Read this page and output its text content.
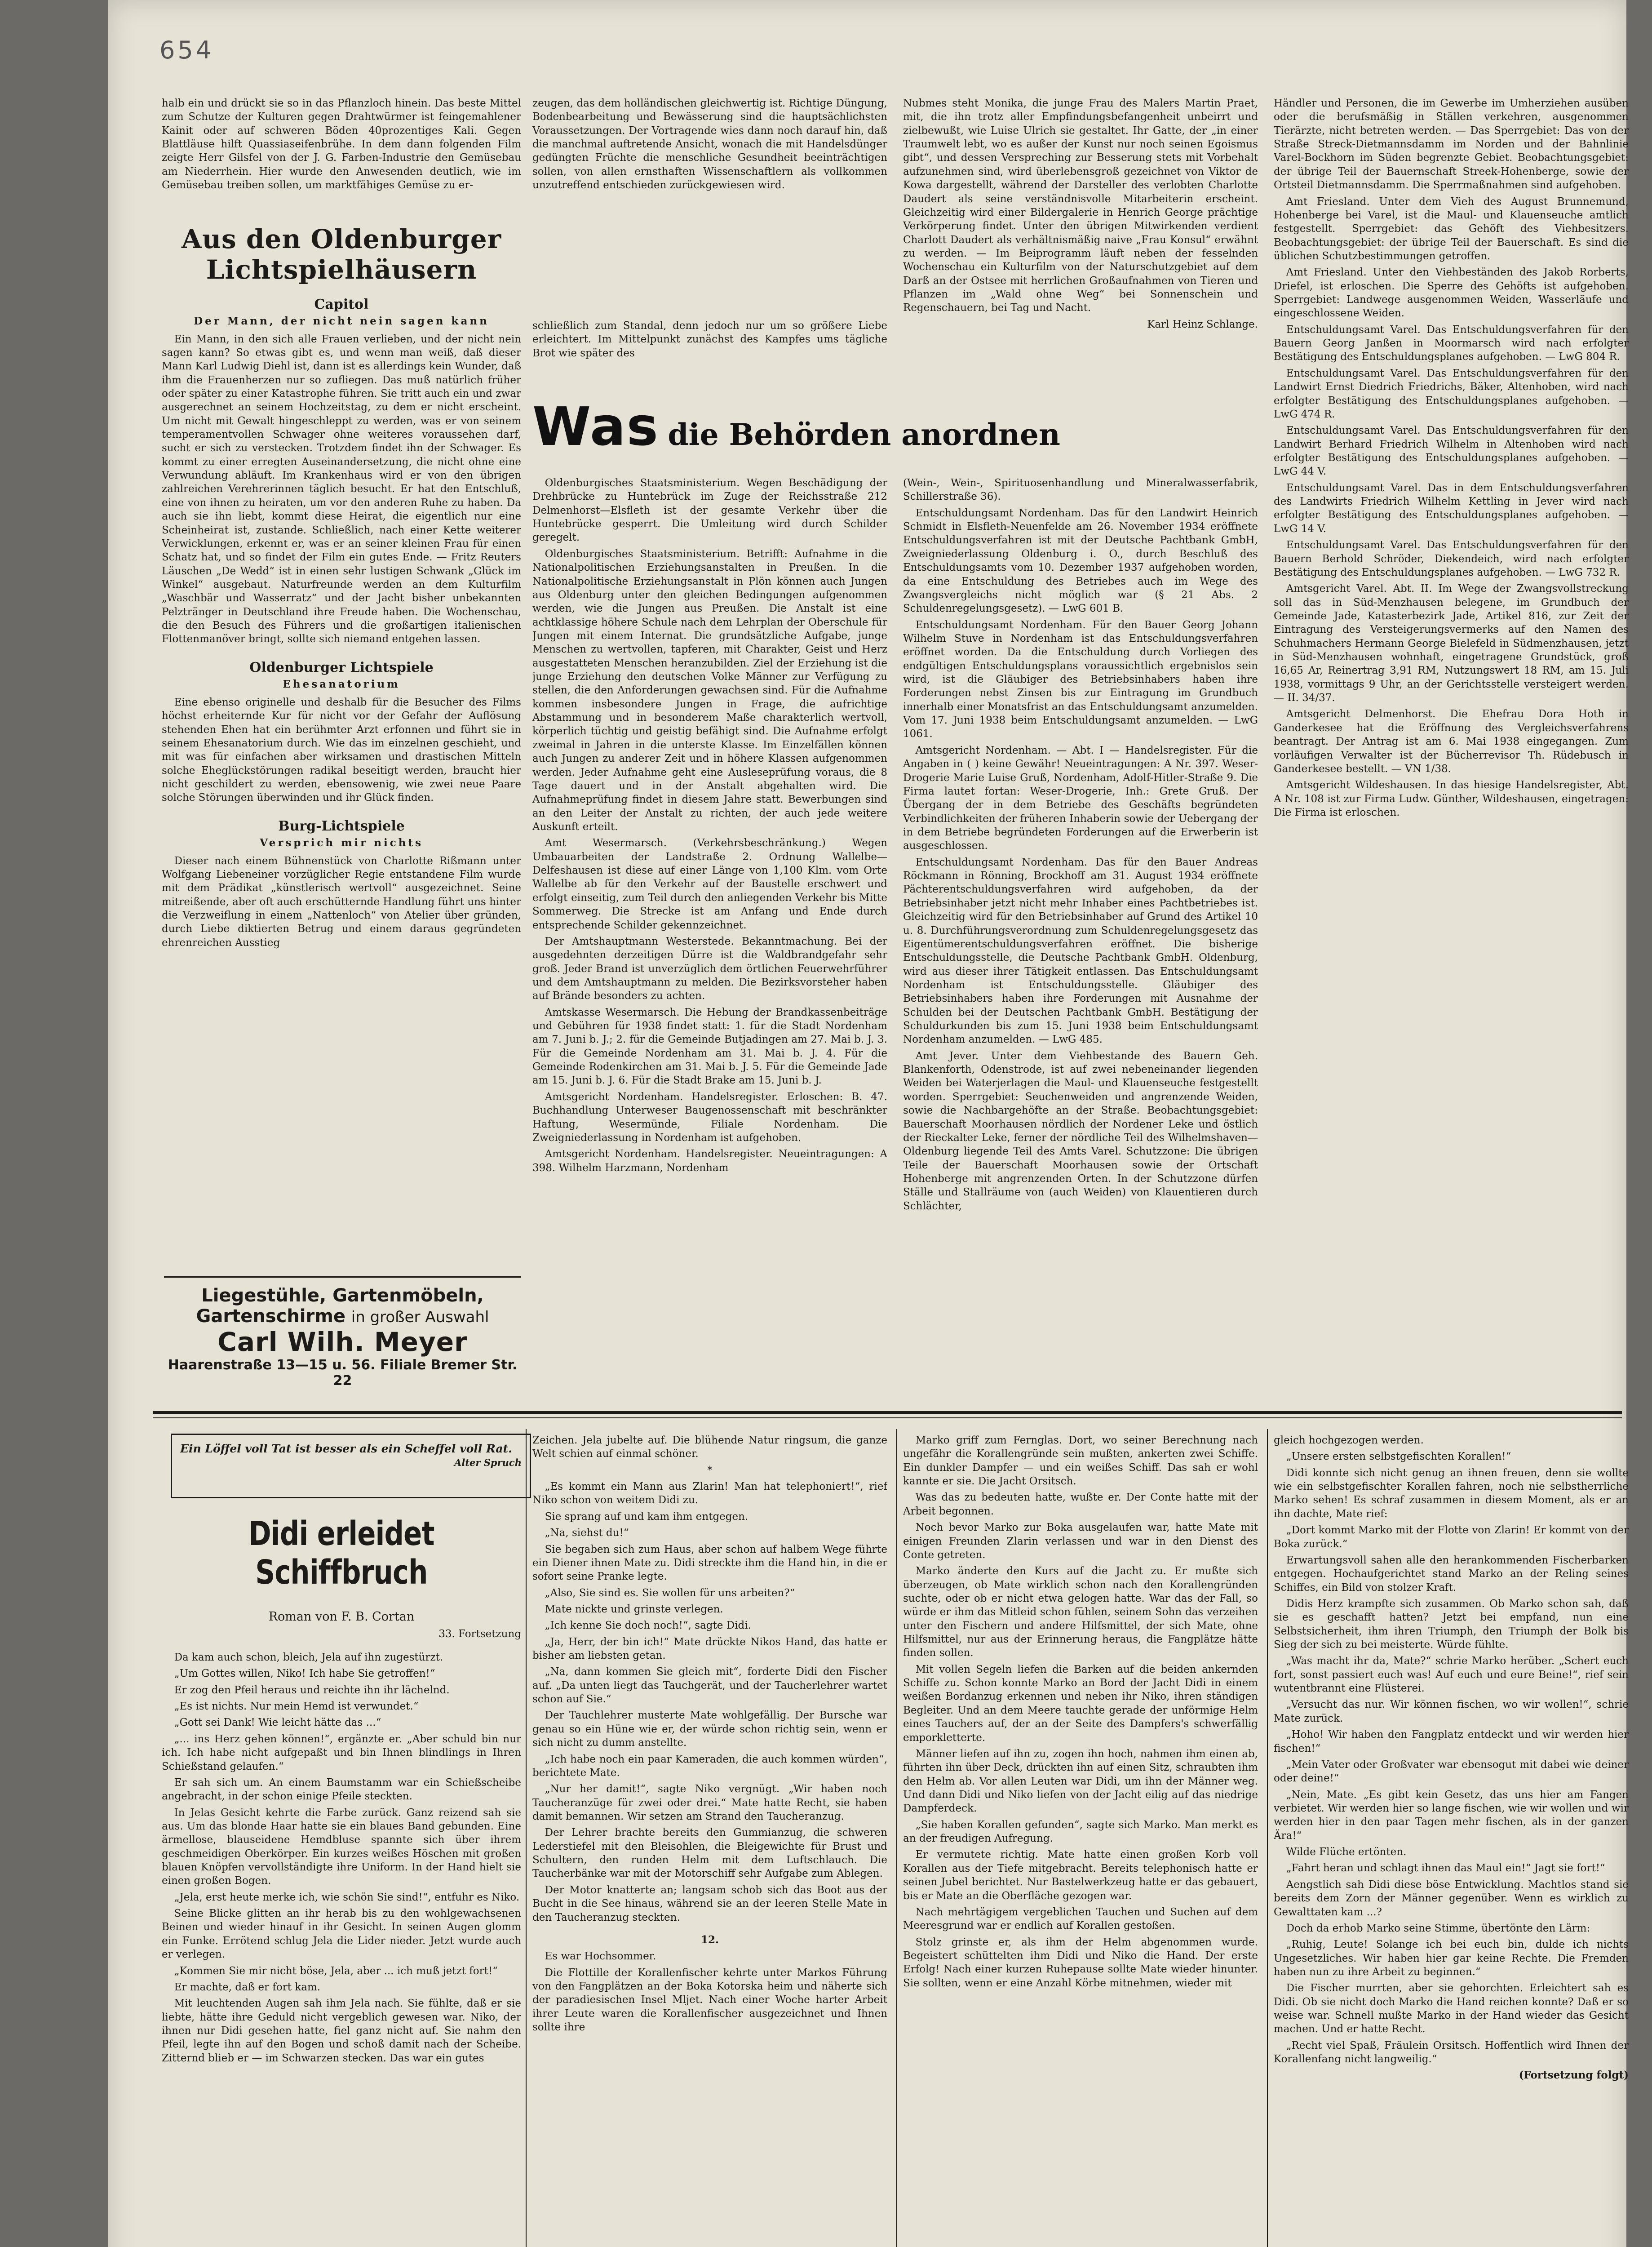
654

halb ein und drückt sie so in das Pflanzloch hinein. Das beste Mittel zum Schutze der Kulturen gegen Drahtwürmer ist feingemahlener Kainit oder auf schweren Böden 40prozentiges Kali. Gegen Blattläuse hilft Quassiaseifenbrühe. In dem dann folgenden Film zeigte Herr Gilsfel von der J. G. Farben-Industrie den Gemüsebau am Niederrhein. Hier wurde den Anwesenden deutlich, wie im Gemüsebau treiben sollen, um marktfähiges Gemüse zu er-

Aus den Oldenburger Lichtspielhäusern
Capitol
Der Mann, der nicht nein sagen kann

Ein Mann, in den sich alle Frauen verlieben, und der nicht nein sagen kann? So etwas gibt es, und wenn man weiß, daß dieser Mann Karl Ludwig Diehl ist, dann ist es allerdings kein Wunder, daß ihm die Frauenherzen nur so zufliegen. Das muß natürlich früher oder später zu einer Katastrophe führen. Sie tritt auch ein und zwar ausgerechnet an seinem Hochzeitstag, zu dem er nicht erscheint. Um nicht mit Gewalt hingeschleppt zu werden, was er von seinem temperamentvollen Schwager ohne weiteres voraussehen darf, sucht er sich zu verstecken. Trotzdem findet ihn der Schwager. Es kommt zu einer erregten Auseinandersetzung, die nicht ohne eine Verwundung abläuft. Im Krankenhaus wird er von den übrigen zahlreichen Verehrerinnen täglich besucht. Er hat den Entschluß, eine von ihnen zu heiraten, um vor den anderen Ruhe zu haben. Da auch sie ihn liebt, kommt diese Heirat, die eigentlich nur eine Scheinheirat ist, zustande. Schließlich, nach einer Kette weiterer Verwicklungen, erkennt er, was er an seiner kleinen Frau für einen Schatz hat, und so findet der Film ein gutes Ende. — Fritz Reuters Läuschen „De Wedd“ ist in einen sehr lustigen Schwank „Glück im Winkel“ ausgebaut. Naturfreunde werden an dem Kulturfilm „Waschbär und Wasserratz“ und der Jacht bisher unbekannten Pelztränger in Deutschland ihre Freude haben. Die Wochenschau, die den Besuch des Führers und die großartigen italienischen Flottenmanöver bringt, sollte sich niemand entgehen lassen.

Oldenburger Lichtspiele
Ehesanatorium

Eine ebenso originelle und deshalb für die Besucher des Films höchst erheiternde Kur für nicht vor der Gefahr der Auflösung stehenden Ehen hat ein berühmter Arzt erfonnen und führt sie in seinem Ehesanatorium durch. Wie das im einzelnen geschieht, und mit was für einfachen aber wirksamen und drastischen Mitteln solche Eheglückstörungen radikal beseitigt werden, braucht hier nicht geschildert zu werden, ebensowenig, wie zwei neue Paare solche Störungen überwinden und ihr Glück finden.

Burg-Lichtspiele
Versprich mir nichts

Dieser nach einem Bühnenstück von Charlotte Rißmann unter Wolfgang Liebeneiner vorzüglicher Regie entstandene Film wurde mit dem Prädikat „künstlerisch wertvoll“ ausgezeichnet. Seine mitreißende, aber oft auch erschütternde Handlung führt uns hinter die Verzweiflung in einem „Nattenloch“ von Atelier über gründen, durch Liebe diktierten Betrug und einem daraus gegründeten ehrenreichen Ausstieg

zeugen, das dem holländischen gleichwertig ist. Richtige Düngung, Bodenbearbeitung und Bewässerung sind die hauptsächlichsten Voraussetzungen. Der Vortragende wies dann noch darauf hin, daß die manchmal auftretende Ansicht, wonach die mit Handelsdünger gedüngten Früchte die menschliche Gesundheit beeinträchtigen sollen, von allen ernsthaften Wissenschaftlern als vollkommen unzutreffend entschieden zurückgewiesen wird.

schließlich zum Standal, denn jedoch nur um so größere Liebe erleichtert. Im Mittelpunkt zunächst des Kampfes ums tägliche Brot wie später des

Nubmes steht Monika, die junge Frau des Malers Martin Praet, mit, die ihn trotz aller Empfindungsbefangenheit unbeirrt und zielbewußt, wie Luise Ulrich sie gestaltet. Ihr Gatte, der „in einer Traumwelt lebt, wo es außer der Kunst nur noch seinen Egoismus gibt“, und dessen Verspreching zur Besserung stets mit Vorbehalt aufzunehmen sind, wird überlebensgroß gezeichnet von Viktor de Kowa dargestellt, während der Darsteller des verlobten Charlotte Daudert als seine verständnisvolle Mitarbeiterin erscheint. Gleichzeitig wird einer Bildergalerie in Henrich George prächtige Verkörperung findet. Unter den übrigen Mitwirkenden verdient Charlott Daudert als verhältnismäßig naive „Frau Konsul“ erwähnt zu werden. — Im Beiprogramm läuft neben der fesselnden Wochenschau ein Kulturfilm von der Naturschutzgebiet auf dem Darß an der Ostsee mit herrlichen Großaufnahmen von Tieren und Pflanzen im „Wald ohne Weg“ bei Sonnenschein und Regenschauern, bei Tag und Nacht.

Karl Heinz Schlange.

Was die Behörden anordnen

Oldenburgisches Staatsministerium. Wegen Beschädigung der Drehbrücke zu Huntebrück im Zuge der Reichsstraße 212 Delmenhorst—Elsfleth ist der gesamte Verkehr über die Huntebrücke gesperrt. Die Umleitung wird durch Schilder geregelt.

Oldenburgisches Staatsministerium. Betrifft: Aufnahme in die Nationalpolitischen Erziehungsanstalten in Preußen. In die Nationalpolitische Erziehungsanstalt in Plön können auch Jungen aus Oldenburg unter den gleichen Bedingungen aufgenommen werden, wie die Jungen aus Preußen. Die Anstalt ist eine achtklassige höhere Schule nach dem Lehrplan der Oberschule für Jungen mit einem Internat. Die grundsätzliche Aufgabe, junge Menschen zu wertvollen, tapferen, mit Charakter, Geist und Herz ausgestatteten Menschen heranzubilden. Ziel der Erziehung ist die junge Erziehung den deutschen Volke Männer zur Verfügung zu stellen, die den Anforderungen gewachsen sind. Für die Aufnahme kommen insbesondere Jungen in Frage, die aufrichtige Abstammung und in besonderem Maße charakterlich wertvoll, körperlich tüchtig und geistig befähigt sind. Die Aufnahme erfolgt zweimal in Jahren in die unterste Klasse. Im Einzelfällen können auch Jungen zu anderer Zeit und in höhere Klassen aufgenommen werden. Jeder Aufnahme geht eine Ausleseprüfung voraus, die 8 Tage dauert und in der Anstalt abgehalten wird. Die Aufnahmeprüfung findet in diesem Jahre statt. Bewerbungen sind an den Leiter der Anstalt zu richten, der auch jede weitere Auskunft erteilt.

Amt Wesermarsch. (Verkehrsbeschränkung.) Wegen Umbauarbeiten der Landstraße 2. Ordnung Wallelbe—Delfeshausen ist diese auf einer Länge von 1,100 Klm. vom Orte Wallelbe ab für den Verkehr auf der Baustelle erschwert und erfolgt einseitig, zum Teil durch den anliegenden Verkehr bis Mitte Sommerweg. Die Strecke ist am Anfang und Ende durch entsprechende Schilder gekennzeichnet.

Der Amtshauptmann Westerstede. Bekanntmachung. Bei der ausgedehnten derzeitigen Dürre ist die Waldbrandgefahr sehr groß. Jeder Brand ist unverzüglich dem örtlichen Feuerwehrführer und dem Amtshauptmann zu melden. Die Bezirksvorsteher haben auf Brände besonders zu achten.

Amtskasse Wesermarsch. Die Hebung der Brandkassenbeiträge und Gebühren für 1938 findet statt: 1. für die Stadt Nordenham am 7. Juni b. J.; 2. für die Gemeinde Butjadingen am 27. Mai b. J. 3. Für die Gemeinde Nordenham am 31. Mai b. J. 4. Für die Gemeinde Rodenkirchen am 31. Mai b. J. 5. Für die Gemeinde Jade am 15. Juni b. J. 6. Für die Stadt Brake am 15. Juni b. J.

Amtsgericht Nordenham. Handelsregister. Erloschen: B. 47. Buchhandlung Unterweser Baugenossenschaft mit beschränkter Haftung, Wesermünde, Filiale Nordenham. Die Zweigniederlassung in Nordenham ist aufgehoben.

Amtsgericht Nordenham. Handelsregister. Neueintragungen: A 398. Wilhelm Harzmann, Nordenham

(Wein-, Wein-, Spirituosenhandlung und Mineralwasserfabrik, Schillerstraße 36).

Entschuldungsamt Nordenham. Das für den Landwirt Heinrich Schmidt in Elsfleth-Neuenfelde am 26. November 1934 eröffnete Entschuldungsverfahren ist mit der Deutsche Pachtbank GmbH, Zweigniederlassung Oldenburg i. O., durch Beschluß des Entschuldungsamts vom 10. Dezember 1937 aufgehoben worden, da eine Entschuldung des Betriebes auch im Wege des Zwangsvergleichs nicht möglich war (§ 21 Abs. 2 Schuldenregelungsgesetz). — LwG 601 B.

Entschuldungsamt Nordenham. Für den Bauer Georg Johann Wilhelm Stuve in Nordenham ist das Entschuldungsverfahren eröffnet worden. Da die Entschuldung durch Vorliegen des endgültigen Entschuldungsplans voraussichtlich ergebnislos sein wird, ist die Gläubiger des Betriebsinhabers haben ihre Forderungen nebst Zinsen bis zur Eintragung im Grundbuch innerhalb einer Monatsfrist an das Entschuldungsamt anzumelden. Vom 17. Juni 1938 beim Entschuldungsamt anzumelden. — LwG 1061.

Amtsgericht Nordenham. — Abt. I — Handelsregister. Für die Angaben in ( ) keine Gewähr! Neueintragungen: A Nr. 397. Weser-Drogerie Marie Luise Gruß, Nordenham, Adolf-Hitler-Straße 9. Die Firma lautet fortan: Weser-Drogerie, Inh.: Grete Gruß. Der Übergang der in dem Betriebe des Geschäfts begründeten Verbindlichkeiten der früheren Inhaberin sowie der Uebergang der in dem Betriebe begründeten Forderungen auf die Erwerberin ist ausgeschlossen.

Entschuldungsamt Nordenham. Das für den Bauer Andreas Röckmann in Rönning, Brockhoff am 31. August 1934 eröffnete Pächterentschuldungsverfahren wird aufgehoben, da der Betriebsinhaber jetzt nicht mehr Inhaber eines Pachtbetriebes ist. Gleichzeitig wird für den Betriebsinhaber auf Grund des Artikel 10 u. 8. Durchführungsverordnung zum Schuldenregelungsgesetz das Eigentümerentschuldungsverfahren eröffnet. Die bisherige Entschuldungsstelle, die Deutsche Pachtbank GmbH. Oldenburg, wird aus dieser ihrer Tätigkeit entlassen. Das Entschuldungsamt Nordenham ist Entschuldungsstelle. Gläubiger des Betriebsinhabers haben ihre Forderungen mit Ausnahme der Schulden bei der Deutschen Pachtbank GmbH. Bestätigung der Schuldurkunden bis zum 15. Juni 1938 beim Entschuldungsamt Nordenham anzumelden. — LwG 485.

Amt Jever. Unter dem Viehbestande des Bauern Geh. Blankenforth, Odenstrode, ist auf zwei nebeneinander liegenden Weiden bei Waterjerlagen die Maul- und Klauenseuche festgestellt worden. Sperrgebiet: Seuchenweiden und angrenzende Weiden, sowie die Nachbargehöfte an der Straße. Beobachtungsgebiet: Bauerschaft Moorhausen nördlich der Nordener Leke und östlich der Rieckalter Leke, ferner der nördliche Teil des Wilhelmshaven—Oldenburg liegende Teil des Amts Varel. Schutzzone: Die übrigen Teile der Bauerschaft Moorhausen sowie der Ortschaft Hohenberge mit angrenzenden Orten. In der Schutzzone dürfen Ställe und Stallräume von (auch Weiden) von Klauentieren durch Schlächter,

Händler und Personen, die im Gewerbe im Umherziehen ausüben oder die berufsmäßig in Ställen verkehren, ausgenommen Tierärzte, nicht betreten werden. — Das Sperrgebiet: Das von der Straße Streck-Dietmannsdamm im Norden und der Bahnlinie Varel-Bockhorn im Süden begrenzte Gebiet. Beobachtungsgebiet: der übrige Teil der Bauernschaft Streek-Hohenberge, sowie der Ortsteil Dietmannsdamm. Die Sperrmaßnahmen sind aufgehoben.

Amt Friesland. Unter dem Vieh des August Brunnemund, Hohenberge bei Varel, ist die Maul- und Klauenseuche amtlich festgestellt. Sperrgebiet: das Gehöft des Viehbesitzers. Beobachtungsgebiet: der übrige Teil der Bauerschaft. Es sind die üblichen Schutzbestimmungen getroffen.

Amt Friesland. Unter den Viehbeständen des Jakob Rorberts, Driefel, ist erloschen. Die Sperre des Gehöfts ist aufgehoben. Sperrgebiet: Landwege ausgenommen Weiden, Wasserläufe und eingeschlossene Weiden.

Entschuldungsamt Varel. Das Entschuldungsverfahren für den Bauern Georg Janßen in Moormarsch wird nach erfolgter Bestätigung des Entschuldungsplanes aufgehoben. — LwG 804 R.

Entschuldungsamt Varel. Das Entschuldungsverfahren für den Landwirt Ernst Diedrich Friedrichs, Bäker, Altenhoben, wird nach erfolgter Bestätigung des Entschuldungsplanes aufgehoben. — LwG 474 R.

Entschuldungsamt Varel. Das Entschuldungsverfahren für den Landwirt Berhard Friedrich Wilhelm in Altenhoben wird nach erfolgter Bestätigung des Entschuldungsplanes aufgehoben. — LwG 44 V.

Entschuldungsamt Varel. Das in dem Entschuldungsverfahren des Landwirts Friedrich Wilhelm Kettling in Jever wird nach erfolgter Bestätigung des Entschuldungsplanes aufgehoben. — LwG 14 V.

Entschuldungsamt Varel. Das Entschuldungsverfahren für den Bauern Berhold Schröder, Diekendeich, wird nach erfolgter Bestätigung des Entschuldungsplanes aufgehoben. — LwG 732 R.

Amtsgericht Varel. Abt. II. Im Wege der Zwangsvollstreckung soll das in Süd-Menzhausen belegene, im Grundbuch der Gemeinde Jade, Katasterbezirk Jade, Artikel 816, zur Zeit der Eintragung des Versteigerungsvermerks auf den Namen des Schuhmachers Hermann George Bielefeld in Südmenzhausen, jetzt in Süd-Menzhausen wohnhaft, eingetragene Grundstück, groß 16,65 Ar, Reinertrag 3,91 RM, Nutzungswert 18 RM, am 15. Juli 1938, vormittags 9 Uhr, an der Gerichtsstelle versteigert werden. — II. 34/37.

Amtsgericht Delmenhorst. Die Ehefrau Dora Hoth in Ganderkesee hat die Eröffnung des Vergleichsverfahrens beantragt. Der Antrag ist am 6. Mai 1938 eingegangen. Zum vorläufigen Verwalter ist der Bücherrevisor Th. Rüdebusch in Ganderkesee bestellt. — VN 1/38.

Amtsgericht Wildeshausen. In das hiesige Handelsregister, Abt. A Nr. 108 ist zur Firma Ludw. Günther, Wildeshausen, eingetragen: Die Firma ist erloschen.

Liegestühle, Gartenmöbeln,
Gartenschirme in großer Auswahl
Carl Wilh. Meyer
Haarenstraße 13—15 u. 56. Filiale Bremer Str. 22
Ein Löffel voll Tat ist besser als ein Scheffel voll Rat.
Alter Spruch
Didi erleidet Schiffbruch
Roman von F. B. Cortan
33. Fortsetzung

Da kam auch schon, bleich, Jela auf ihn zugestürzt.

„Um Gottes willen, Niko! Ich habe Sie getroffen!“

Er zog den Pfeil heraus und reichte ihn ihr lächelnd.

„Es ist nichts. Nur mein Hemd ist verwundet.“

„Gott sei Dank! Wie leicht hätte das ...“

„... ins Herz gehen können!“, ergänzte er. „Aber schuld bin nur ich. Ich habe nicht aufgepaßt und bin Ihnen blindlings in Ihren Schießstand gelaufen.“

Er sah sich um. An einem Baumstamm war ein Schießscheibe angebracht, in der schon einige Pfeile steckten.

In Jelas Gesicht kehrte die Farbe zurück. Ganz reizend sah sie aus. Um das blonde Haar hatte sie ein blaues Band gebunden. Eine ärmellose, blauseidene Hemdbluse spannte sich über ihrem geschmeidigen Oberkörper. Ein kurzes weißes Höschen mit großen blauen Knöpfen vervollständigte ihre Uniform. In der Hand hielt sie einen großen Bogen.

„Jela, erst heute merke ich, wie schön Sie sind!“, entfuhr es Niko.

Seine Blicke glitten an ihr herab bis zu den wohlgewachsenen Beinen und wieder hinauf in ihr Gesicht. In seinen Augen glomm ein Funke. Errötend schlug Jela die Lider nieder. Jetzt wurde auch er verlegen.

„Kommen Sie mir nicht böse, Jela, aber ... ich muß jetzt fort!“

Er machte, daß er fort kam.

Mit leuchtenden Augen sah ihm Jela nach. Sie fühlte, daß er sie liebte, hätte ihre Geduld nicht vergeblich gewesen war. Niko, der ihnen nur Didi gesehen hatte, fiel ganz nicht auf. Sie nahm den Pfeil, legte ihn auf den Bogen und schoß damit nach der Scheibe. Zitternd blieb er — im Schwarzen stecken. Das war ein gutes

Zeichen. Jela jubelte auf. Die blühende Natur ringsum, die ganze Welt schien auf einmal schöner.

*

„Es kommt ein Mann aus Zlarin! Man hat telephoniert!“, rief Niko schon von weitem Didi zu.

Sie sprang auf und kam ihm entgegen.

„Na, siehst du!“

Sie begaben sich zum Haus, aber schon auf halbem Wege führte ein Diener ihnen Mate zu. Didi streckte ihm die Hand hin, in die er sofort seine Pranke legte.

„Also, Sie sind es. Sie wollen für uns arbeiten?“

Mate nickte und grinste verlegen.

„Ich kenne Sie doch noch!“, sagte Didi.

„Ja, Herr, der bin ich!“ Mate drückte Nikos Hand, das hatte er bisher am liebsten getan.

„Na, dann kommen Sie gleich mit“, forderte Didi den Fischer auf. „Da unten liegt das Tauchgerät, und der Taucherlehrer wartet schon auf Sie.“

Der Tauchlehrer musterte Mate wohlgefällig. Der Bursche war genau so ein Hüne wie er, der würde schon richtig sein, wenn er sich nicht zu dumm anstellte.

„Ich habe noch ein paar Kameraden, die auch kommen würden“, berichtete Mate.

„Nur her damit!“, sagte Niko vergnügt. „Wir haben noch Taucheranzüge für zwei oder drei.“ Mate hatte Recht, sie haben damit bemannen. Wir setzen am Strand den Taucheranzug.

Der Lehrer brachte bereits den Gummianzug, die schweren Lederstiefel mit den Bleisohlen, die Bleigewichte für Brust und Schultern, den runden Helm mit dem Luftschlauch. Die Taucherbänke war mit der Motorschiff sehr Aufgabe zum Ablegen.

Der Motor knatterte an; langsam schob sich das Boot aus der Bucht in die See hinaus, während sie an der leeren Stelle Mate in den Taucheranzug steckten.

12.

Es war Hochsommer.

Die Flottille der Korallenfischer kehrte unter Markos Führung von den Fangplätzen an der Boka Kotorska heim und näherte sich der paradiesischen Insel Mljet. Nach einer Woche harter Arbeit ihrer Leute waren die Korallenfischer ausgezeichnet und Ihnen sollte ihre

Marko griff zum Fernglas. Dort, wo seiner Berechnung nach ungefähr die Korallengründe sein mußten, ankerten zwei Schiffe. Ein dunkler Dampfer — und ein weißes Schiff. Das sah er wohl kannte er sie. Die Jacht Orsitsch.

Was das zu bedeuten hatte, wußte er. Der Conte hatte mit der Arbeit begonnen.

Noch bevor Marko zur Boka ausgelaufen war, hatte Mate mit einigen Freunden Zlarin verlassen und war in den Dienst des Conte getreten.

Marko änderte den Kurs auf die Jacht zu. Er mußte sich überzeugen, ob Mate wirklich schon nach den Korallengründen suchte, oder ob er nicht etwa gelogen hatte. War das der Fall, so würde er ihm das Mitleid schon fühlen, seinem Sohn das verzeihen unter den Fischern und andere Hilfsmittel, der sich Mate, ohne Hilfsmittel, nur aus der Erinnerung heraus, die Fangplätze hätte finden sollen.

Mit vollen Segeln liefen die Barken auf die beiden ankernden Schiffe zu. Schon konnte Marko an Bord der Jacht Didi in einem weißen Bordanzug erkennen und neben ihr Niko, ihren ständigen Begleiter. Und an dem Meere tauchte gerade der unförmige Helm eines Tauchers auf, der an der Seite des Dampfers's schwerfällig emporkletterte.

Männer liefen auf ihn zu, zogen ihn hoch, nahmen ihm einen ab, führten ihn über Deck, drückten ihn auf einen Sitz, schraubten ihm den Helm ab. Vor allen Leuten war Didi, um ihn der Männer weg. Und dann Didi und Niko liefen von der Jacht eilig auf das niedrige Dampferdeck.

„Sie haben Korallen gefunden“, sagte sich Marko. Man merkt es an der freudigen Aufregung.

Er vermutete richtig. Mate hatte einen großen Korb voll Korallen aus der Tiefe mitgebracht. Bereits telephonisch hatte er seinen Jubel berichtet. Nur Bastelwerkzeug hatte er das gebauert, bis er Mate an die Oberfläche gezogen war.

Nach mehrtägigem vergeblichen Tauchen und Suchen auf dem Meeresgrund war er endlich auf Korallen gestoßen.

Stolz grinste er, als ihm der Helm abgenommen wurde. Begeistert schüttelten ihm Didi und Niko die Hand. Der erste Erfolg! Nach einer kurzen Ruhepause sollte Mate wieder hinunter. Sie sollten, wenn er eine Anzahl Körbe mitnehmen, wieder mit

gleich hochgezogen werden.

„Unsere ersten selbstgefischten Korallen!“

Didi konnte sich nicht genug an ihnen freuen, denn sie wollte wie ein selbstgefischter Korallen fahren, noch nie selbstherrliche Marko sehen! Es schraf zusammen in diesem Moment, als er an ihn dachte, Mate rief:

„Dort kommt Marko mit der Flotte von Zlarin! Er kommt von der Boka zurück.“

Erwartungsvoll sahen alle den herankommenden Fischerbarken entgegen. Hochaufgerichtet stand Marko an der Reling seines Schiffes, ein Bild von stolzer Kraft.

Didis Herz krampfte sich zusammen. Ob Marko schon sah, daß sie es geschafft hatten? Jetzt bei empfand, nun eine Selbstsicherheit, ihm ihren Triumph, den Triumph der Bolk bis Sieg der sich zu bei meisterte. Würde fühlte.

„Was macht ihr da, Mate?“ schrie Marko herüber. „Schert euch fort, sonst passiert euch was! Auf euch und eure Beine!“, rief sein wutentbrannt eine Flüsterei.

„Versucht das nur. Wir können fischen, wo wir wollen!“, schrie Mate zurück.

„Hoho! Wir haben den Fangplatz entdeckt und wir werden hier fischen!“

„Mein Vater oder Großvater war ebensogut mit dabei wie deiner oder deine!“

„Nein, Mate. „Es gibt kein Gesetz, das uns hier am Fangen verbietet. Wir werden hier so lange fischen, wie wir wollen und wir werden hier in den paar Tagen mehr fischen, als in der ganzen Ära!“

Wilde Flüche ertönten.

„Fahrt heran und schlagt ihnen das Maul ein!“ Jagt sie fort!“

Aengstlich sah Didi diese böse Entwicklung. Machtlos stand sie bereits dem Zorn der Männer gegenüber. Wenn es wirklich zu Gewalttaten kam ...?

Doch da erhob Marko seine Stimme, übertönte den Lärm:

„Ruhig, Leute! Solange ich bei euch bin, dulde ich nichts Ungesetzliches. Wir haben hier gar keine Rechte. Die Fremden haben nun zu ihre Arbeit zu beginnen.“

Die Fischer murrten, aber sie gehorchten. Erleichtert sah es Didi. Ob sie nicht doch Marko die Hand reichen konnte? Daß er so weise war. Schnell mußte Marko in der Hand wieder das Gesicht machen. Und er hatte Recht.

„Recht viel Spaß, Fräulein Orsitsch. Hoffentlich wird Ihnen der Korallenfang nicht langweilig.“

(Fortsetzung folgt)
